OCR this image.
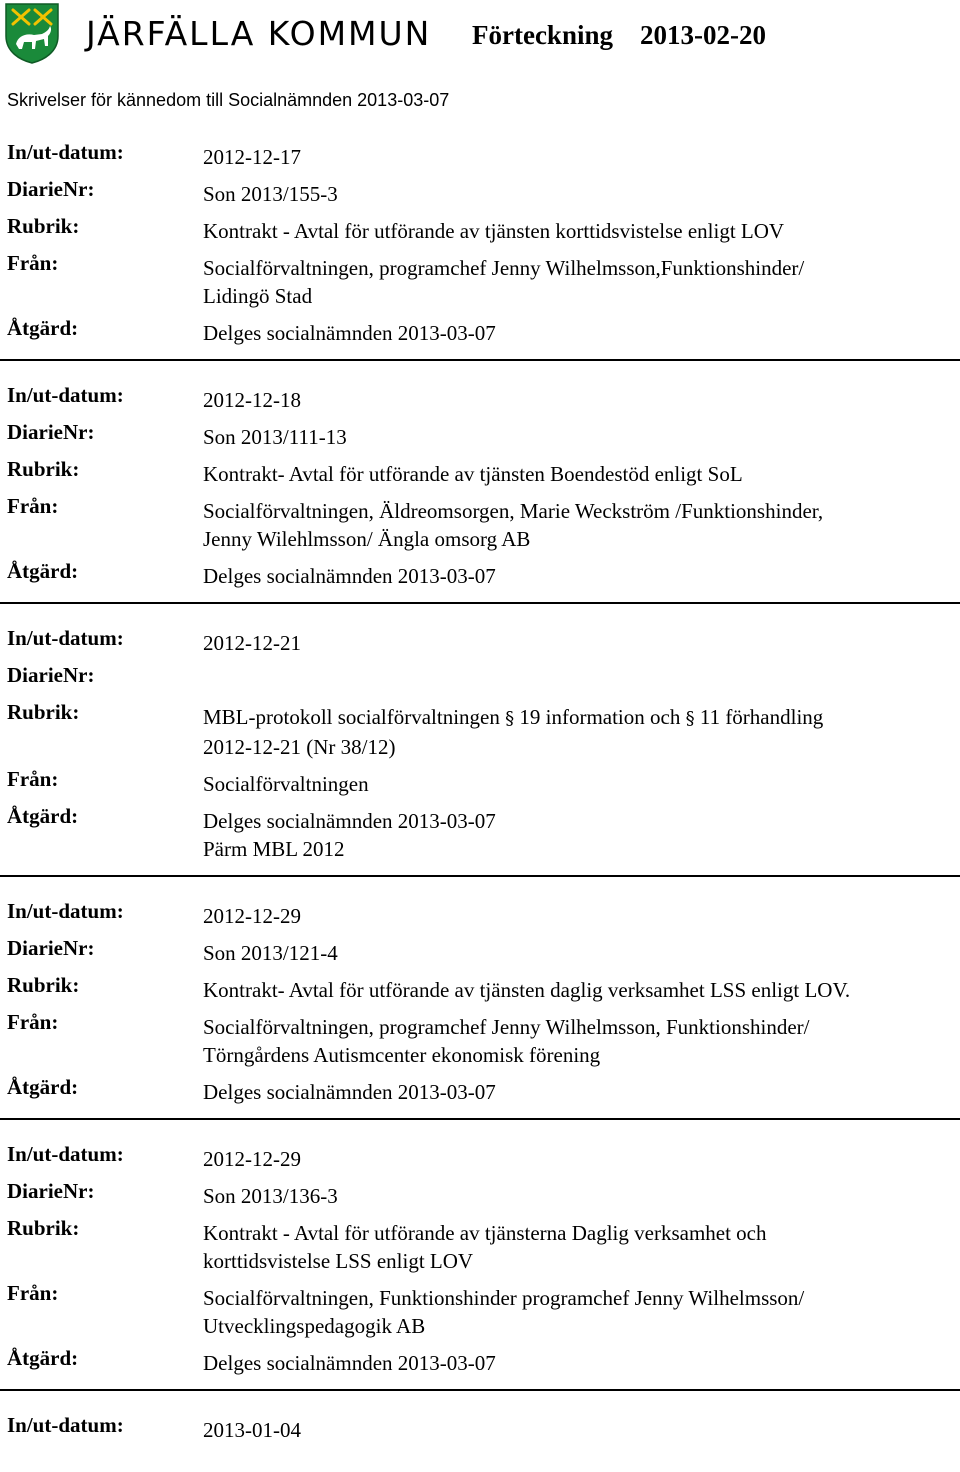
JÄRFÄLLA KOMMUN Förteckning 2013-02-20
Skrivelser för kännedom till Socialnämnden 2013-03-07
In/ut-datum:	2012-12-17
DiarieNr:	Son 2013/155-3
Rubrik:	Kontrakt - Avtal för utförande av tjänsten korttidsvistelse enligt LOV
Från:	Socialförvaltningen, programchef Jenny Wilhelmsson,Funktionshinder/
Lidingö Stad
Åtgärd:	Delges socialnämnden 2013-03-07
In/ut-datum:	2012-12-18
DiarieNr:	Son 2013/111-13
Rubrik:	Kontrakt- Avtal för utförande av tjänsten Boendestöd enligt SoL
Från:	Socialförvaltningen, Äldreomsorgen, Marie Weckström /Funktionshinder,
Jenny Wilehlmsson/ Ängla omsorg AB
Åtgärd:	Delges socialnämnden 2013-03-07
In/ut-datum:	2012-12-21
DiarieNr:

Rubrik:	MBL-protokoll socialförvaltningen § 19 information och § 11 förhandling
2012-12-21 (Nr 38/12)
Från:	Socialförvaltningen
Åtgärd:	Delges socialnämnden 2013-03-07
Pärm MBL 2012
In/ut-datum:	2012-12-29
DiarieNr:	Son 2013/121-4
Rubrik:	Kontrakt- Avtal för utförande av tjänsten daglig verksamhet LSS enligt LOV.
Från:	Socialförvaltningen, programchef Jenny Wilhelmsson, Funktionshinder/
Törngårdens Autismcenter ekonomisk förening
Åtgärd:	Delges socialnämnden 2013-03-07
In/ut-datum:	2012-12-29
DiarieNr:	Son 2013/136-3
Rubrik:	Kontrakt - Avtal för utförande av tjänsterna Daglig verksamhet och
korttidsvistelse LSS enligt LOV
Från:	Socialförvaltningen, Funktionshinder programchef Jenny Wilhelmsson/
Utvecklingspedagogik AB
Åtgärd:	Delges socialnämnden 2013-03-07
In/ut-datum:	2013-01-04
